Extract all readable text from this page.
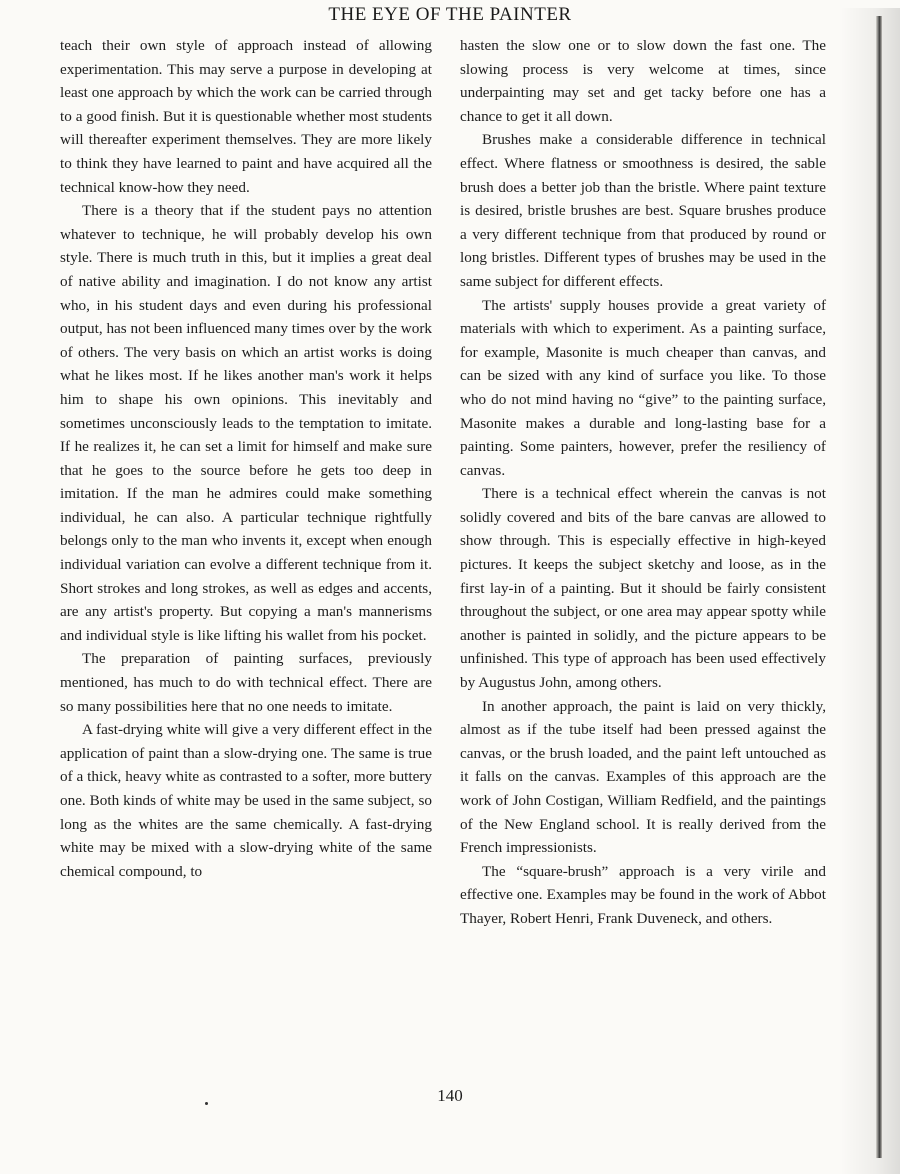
THE EYE OF THE PAINTER

teach their own style of approach instead of allowing experimentation. This may serve a purpose in developing at least one approach by which the work can be carried through to a good finish. But it is questionable whether most students will thereafter experiment themselves. They are more likely to think they have learned to paint and have acquired all the technical know-how they need.

There is a theory that if the student pays no attention whatever to technique, he will probably develop his own style. There is much truth in this, but it implies a great deal of native ability and imagination. I do not know any artist who, in his student days and even during his professional output, has not been influenced many times over by the work of others. The very basis on which an artist works is doing what he likes most. If he likes another man's work it helps him to shape his own opinions. This inevitably and sometimes unconsciously leads to the temptation to imitate. If he realizes it, he can set a limit for himself and make sure that he goes to the source before he gets too deep in imitation. If the man he admires could make something individual, he can also. A particular technique rightfully belongs only to the man who invents it, except when enough individual variation can evolve a different technique from it. Short strokes and long strokes, as well as edges and accents, are any artist's property. But copying a man's mannerisms and individual style is like lifting his wallet from his pocket.

The preparation of painting surfaces, previously mentioned, has much to do with technical effect. There are so many possibilities here that no one needs to imitate.

A fast-drying white will give a very different effect in the application of paint than a slow-drying one. The same is true of a thick, heavy white as contrasted to a softer, more buttery one. Both kinds of white may be used in the same subject, so long as the whites are the same chemically. A fast-drying white may be mixed with a slow-drying white of the same chemical compound, to

hasten the slow one or to slow down the fast one. The slowing process is very welcome at times, since underpainting may set and get tacky before one has a chance to get it all down.

Brushes make a considerable difference in technical effect. Where flatness or smoothness is desired, the sable brush does a better job than the bristle. Where paint texture is desired, bristle brushes are best. Square brushes produce a very different technique from that produced by round or long bristles. Different types of brushes may be used in the same subject for different effects.

The artists' supply houses provide a great variety of materials with which to experiment. As a painting surface, for example, Masonite is much cheaper than canvas, and can be sized with any kind of surface you like. To those who do not mind having no “give” to the painting surface, Masonite makes a durable and long-lasting base for a painting. Some painters, however, prefer the resiliency of canvas.

There is a technical effect wherein the canvas is not solidly covered and bits of the bare canvas are allowed to show through. This is especially effective in high-keyed pictures. It keeps the subject sketchy and loose, as in the first lay-in of a painting. But it should be fairly consistent throughout the subject, or one area may appear spotty while another is painted in solidly, and the picture appears to be unfinished. This type of approach has been used effectively by Augustus John, among others.

In another approach, the paint is laid on very thickly, almost as if the tube itself had been pressed against the canvas, or the brush loaded, and the paint left untouched as it falls on the canvas. Examples of this approach are the work of John Costigan, William Redfield, and the paintings of the New England school. It is really derived from the French impressionists.

The “square-brush” approach is a very virile and effective one. Examples may be found in the work of Abbot Thayer, Robert Henri, Frank Duveneck, and others.

140
